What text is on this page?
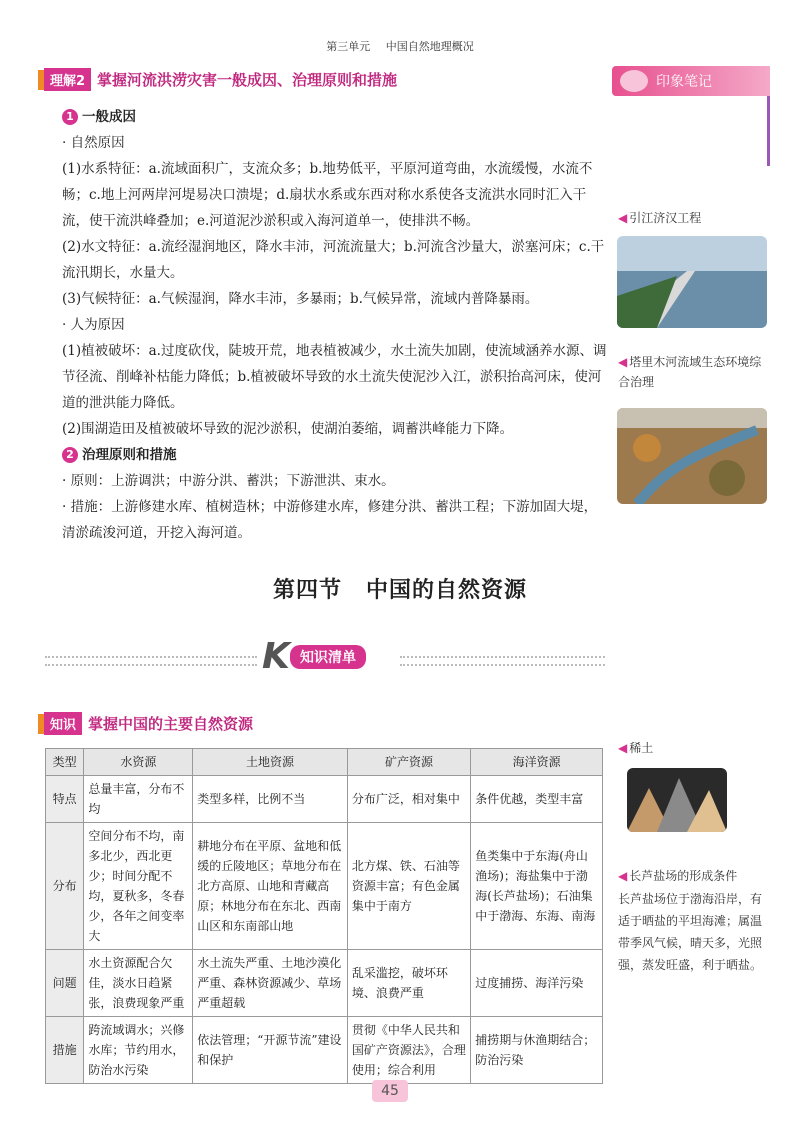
第三单元 中国自然地理概况
理解2 掌握河流洪涝灾害一般成因、治理原则和措施	印象笔记
1 一般成因
· 自然原因
(1)水系特征：a.流域面积广，支流众多；b.地势低平，平原河道弯曲，水流缓慢，水流不畅；c.地上河两岸河堤易决口溃堤；d.扇状水系或东西对称水系使各支流洪水同时汇入干流，使干流洪峰叠加；e.河道泥沙淤积或入海河道单一，使排洪不畅。
(2)水文特征：a.流经湿润地区，降水丰沛，河流流量大；b.河流含沙量大，淤塞河床；c.干流汛期长，水量大。
(3)气候特征：a.气候湿润，降水丰沛，多暴雨；b.气候异常，流域内普降暴雨。
· 人为原因
(1)植被破坏：a.过度砍伐，陡坡开荒，地表植被减少，水土流失加剧，使流域涵养水源、调节径流、削峰补枯能力降低；b.植被破坏导致的水土流失使泥沙入江，淤积抬高河床，使河道的泄洪能力降低。
(2)围湖造田及植被破坏导致的泥沙淤积，使湖泊萎缩，调蓄洪峰能力下降。
2 治理原则和措施
· 原则：上游调洪；中游分洪、蓄洪；下游泄洪、束水。
· 措施：上游修建水库、植树造林；中游修建水库，修建分洪、蓄洪工程；下游加固大堤，清淤疏浚河道，开挖入海河道。
◀ 引江济汉工程
◀ 塔里木河流域生态环境综合治理
◀ 稀土
◀ 长芦盐场的形成条件
长芦盐场位于渤海沿岸，有适于晒盐的平坦海滩；属温带季风气候，晴天多，光照强，蒸发旺盛，利于晒盐。
第四节 中国的自然资源
K 知识清单
知识 掌握中国的主要自然资源
类型	水资源	土地资源	矿产资源	海洋资源
特点	总量丰富，分布不均	类型多样，比例不当	分布广泛，相对集中	条件优越，类型丰富
分布	空间分布不均，南多北少，西北更少；时间分配不均，夏秋多，冬春少，各年之间变率大	耕地分布在平原、盆地和低缓的丘陵地区；草地分布在北方高原、山地和青藏高原；林地分布在东北、西南山区和东南部山地	北方煤、铁、石油等资源丰富；有色金属集中于南方	鱼类集中于东海(舟山渔场)；海盐集中于渤海(长芦盐场)；石油集中于渤海、东海、南海
问题	水土资源配合欠佳，淡水日趋紧张，浪费现象严重	水土流失严重、土地沙漠化严重、森林资源减少、草场严重超载	乱采滥挖，破坏环境、浪费严重	过度捕捞、海洋污染
措施	跨流域调水；兴修水库；节约用水，防治水污染	依法管理；“开源节流”建设和保护	贯彻《中华人民共和国矿产资源法》，合理使用；综合利用	捕捞期与休渔期结合；防治污染
45
